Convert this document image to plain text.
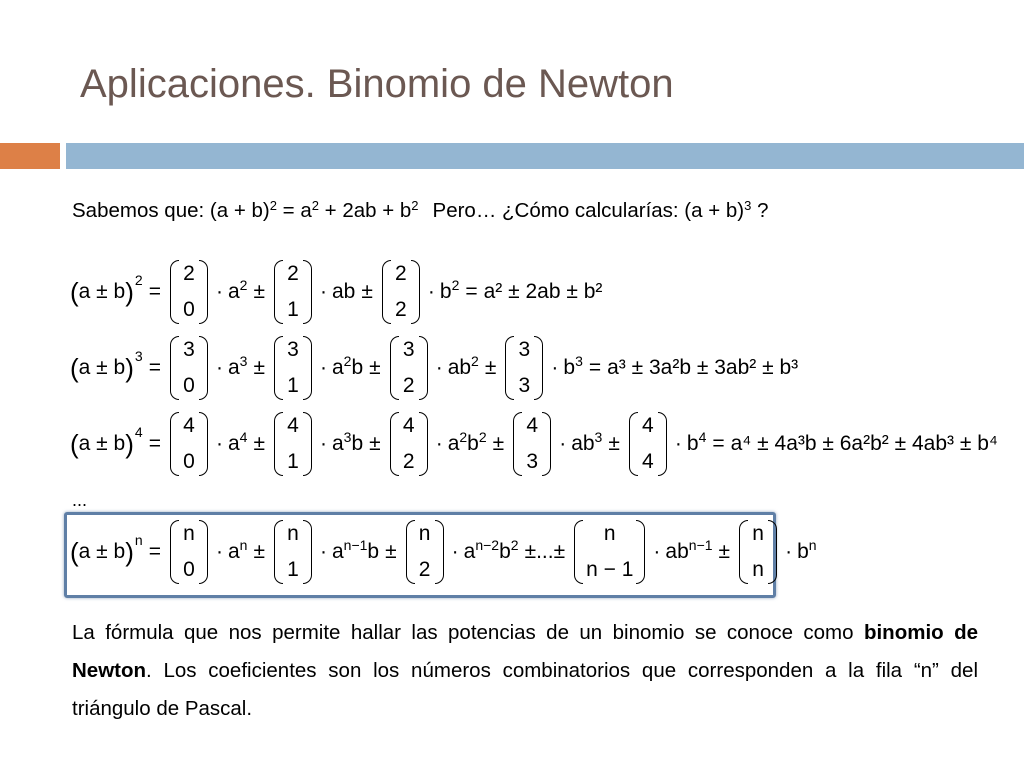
Aplicaciones. Binomio de Newton
Sabemos que: $(a + b)^2 = a^2 + 2ab + b^2$ Pero… ¿Cómo calcularías: $(a + b)^3$ ?
( a ± b ) 2 =
2
0
· $a^2$ ±
2
1
· ab ±
2
2
· $b^2 = a^2 \pm 2ab \pm b^2$
( a ± b ) 3 =
3
0
· $a^3$ ±
3
1
· $a^2b$ ±
3
2
· $ab^2$ ±
3
3
· $b^3 = a^3 \pm 3a^2b \pm 3ab^2 \pm b^3$
( a ± b ) 4 =
4
0
· $a^4$ ±
4
1
· $a^3b$ ±
4
2
· $a^2b^2$ ±
4
3
· $ab^3$ ±
4
4
· $b^4 = a^4 \pm 4a^3b \pm 6a^2b^2 \pm 4ab^3 \pm b^4$
...
( a ± b ) n =
n
0
· $a^n$ ±
n
1
· $a^{n-1}b$ ±
n
2
· $a^{n-2}b^2$ ±...±
n
n − 1
· $ab^{n-1}$ ±
n
n
· $b^n$
La fórmula que nos permite hallar las potencias de un binomio se conoce como binomio de Newton. Los coeficientes son los números combinatorios que corresponden a la fila “n” del triángulo de Pascal.
